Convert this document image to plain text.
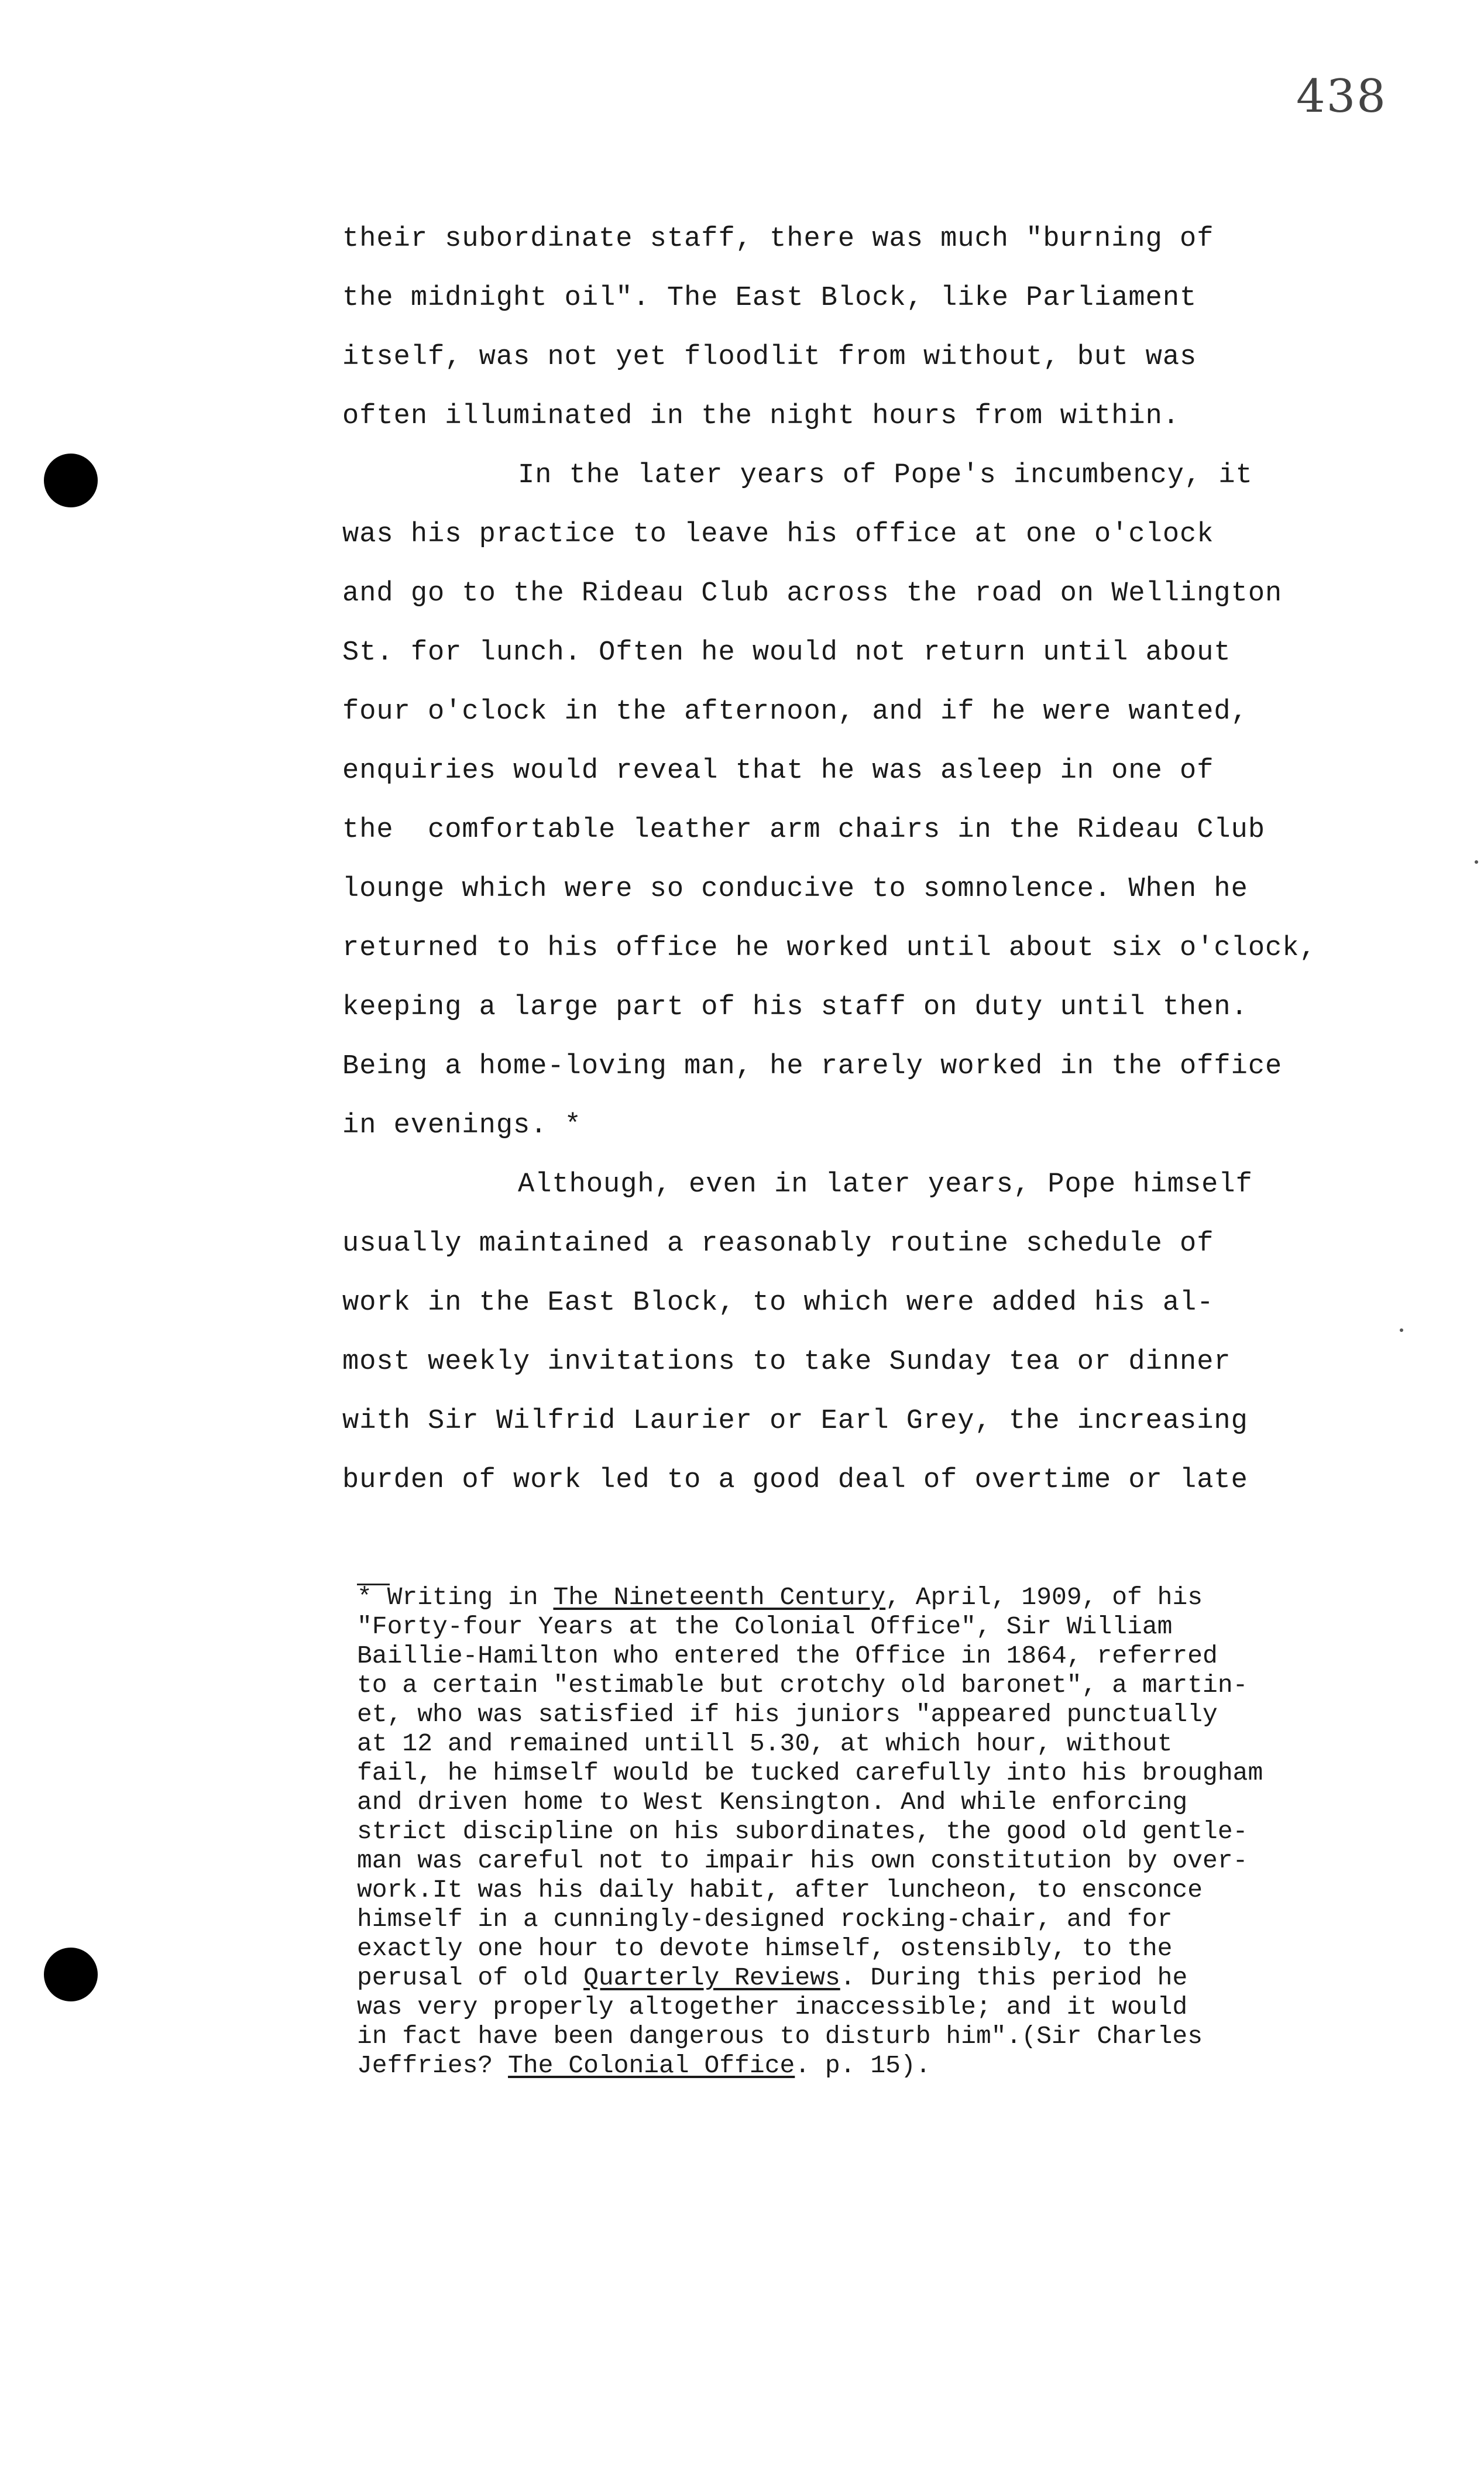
438
their subordinate staff, there was much "burning of
the midnight oil". The East Block, like Parliament
itself, was not yet floodlit from without, but was
often illuminated in the night hours from within.
In the later years of Pope's incumbency, it
was his practice to leave his office at one o'clock
and go to the Rideau Club across the road on Wellington
St. for lunch. Often he would not return until about
four o'clock in the afternoon, and if he were wanted,
enquiries would reveal that he was asleep in one of
the  comfortable leather arm chairs in the Rideau Club
lounge which were so conducive to somnolence. When he
returned to his office he worked until about six o'clock,
keeping a large part of his staff on duty until then.
Being a home-loving man, he rarely worked in the office
in evenings. *
Although, even in later years, Pope himself
usually maintained a reasonably routine schedule of
work in the East Block, to which were added his al-
most weekly invitations to take Sunday tea or dinner
with Sir Wilfrid Laurier or Earl Grey, the increasing
burden of work led to a good deal of overtime or late
* Writing in The Nineteenth Century, April, 1909, of his
"Forty-four Years at the Colonial Office", Sir William
Baillie-Hamilton who entered the Office in 1864, referred
to a certain "estimable but crotchy old baronet", a martin-
et, who was satisfied if his juniors "appeared punctually
at 12 and remained untill 5.30, at which hour, without
fail, he himself would be tucked carefully into his brougham
and driven home to West Kensington. And while enforcing
strict discipline on his subordinates, the good old gentle-
man was careful not to impair his own constitution by over-
work.It was his daily habit, after luncheon, to ensconce
himself in a cunningly-designed rocking-chair, and for
exactly one hour to devote himself, ostensibly, to the
perusal of old Quarterly Reviews. During this period he
was very properly altogether inaccessible; and it would
in fact have been dangerous to disturb him".(Sir Charles
Jeffries? The Colonial Office. p. 15).
